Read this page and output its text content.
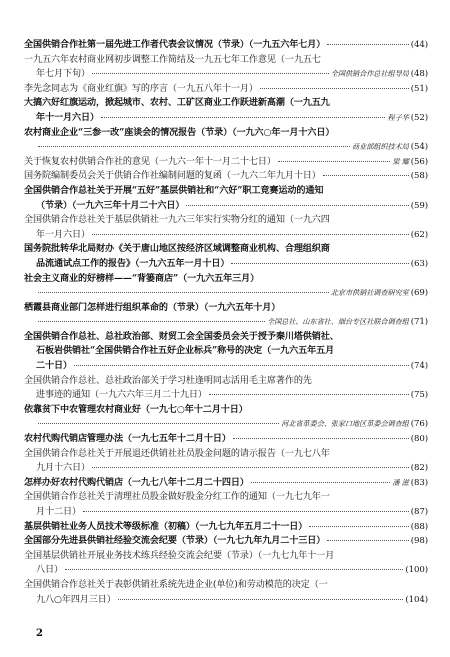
全国供销合作社第一届先进工作者代表会议情况（节录）（一九五六年七月）	(44)
一九五六年农村商业网初步调整工作简结及一九五七年工作意见（一九五七
年七月下旬）	全国供销合作总社组导局 (48)
李先念同志为《商业红旗》写的序言（一九五八年十一月）	(51)
大搞六好红旗运动，掀起城市、农村、工矿区商业工作跃进新高潮（一九五九
年十一月六日）	程子华 (52)
农村商业企业“三参一改”座谈会的情况报告（节录）（一九六○年一月十六日）
商业部组织技术局 (54)
关于恢复农村供销合作社的意见（一九六一年十一月二十七日）	梁 耀 (56)
国务院编制委员会关于供销合作社编制问题的复函（一九六二年九月十日）	(58)
全国供销合作总社关于开展“五好”基层供销社和“六好”职工竞赛运动的通知
（节录）（一九六三年十月二十六日）	(59)
全国供销合作总社关于基层供销社一九六三年实行实物分红的通知（一九六四
年一月六日）	(62)
国务院批转华北局财办《关于唐山地区按经济区域调整商业机构、合理组织商
品流通试点工作的报告》（一九六五年一月十日）	(63)
社会主义商业的好榜样——“背篓商店”（一九六五年三月）
北京市供销社调查研究室 (69)
栖霞县商业部门怎样进行组织革命的（节录）（一九六五年十月）
全国总社、山东省社、烟台专区社联合调查组 (71)
全国供销合作总社、总社政治部、财贸工会全国委员会关于授予秦川塔供销社、
石板岩供销社“全国供销合作社五好企业标兵”称号的决定（一九六五年五月
二十日）	(74)
全国供销合作总社、总社政治部关于学习杜逢明同志活用毛主席著作的先
进事迹的通知（一九六六年三月二十九日）	(75)
依靠贫下中农管理农村商业好（一九七○年十二月十日）
河北省革委会、张家口地区革委会调查组 (76)
农村代购代销店管理办法（一九七五年十二月十日）	(80)
全国供销合作总社关于开展退还供销社社员股金问题的请示报告（一九七八年
九月十六日）	(82)
怎样办好农村代购代销店（一九七八年十二月二十四日）	潘 滋 (83)
全国供销合作总社关于清理社员股金做好股金分红工作的通知（一九七九年一
月十二日）	(87)
基层供销社业务人员技术等级标准（初稿）（一九七九年五月二十一日）	(88)
全国部分先进县供销社经验交流会纪要（节录）（一九七九年九月二十三日）	(98)
全国基层供销社开展业务技术练兵经验交流会纪要（节录）（一九七九年十一月
八日）	(100)
全国供销合作总社关于表彰供销社系统先进企业(单位)和劳动模范的决定（一
九八○年四月三日）	(104)
2
